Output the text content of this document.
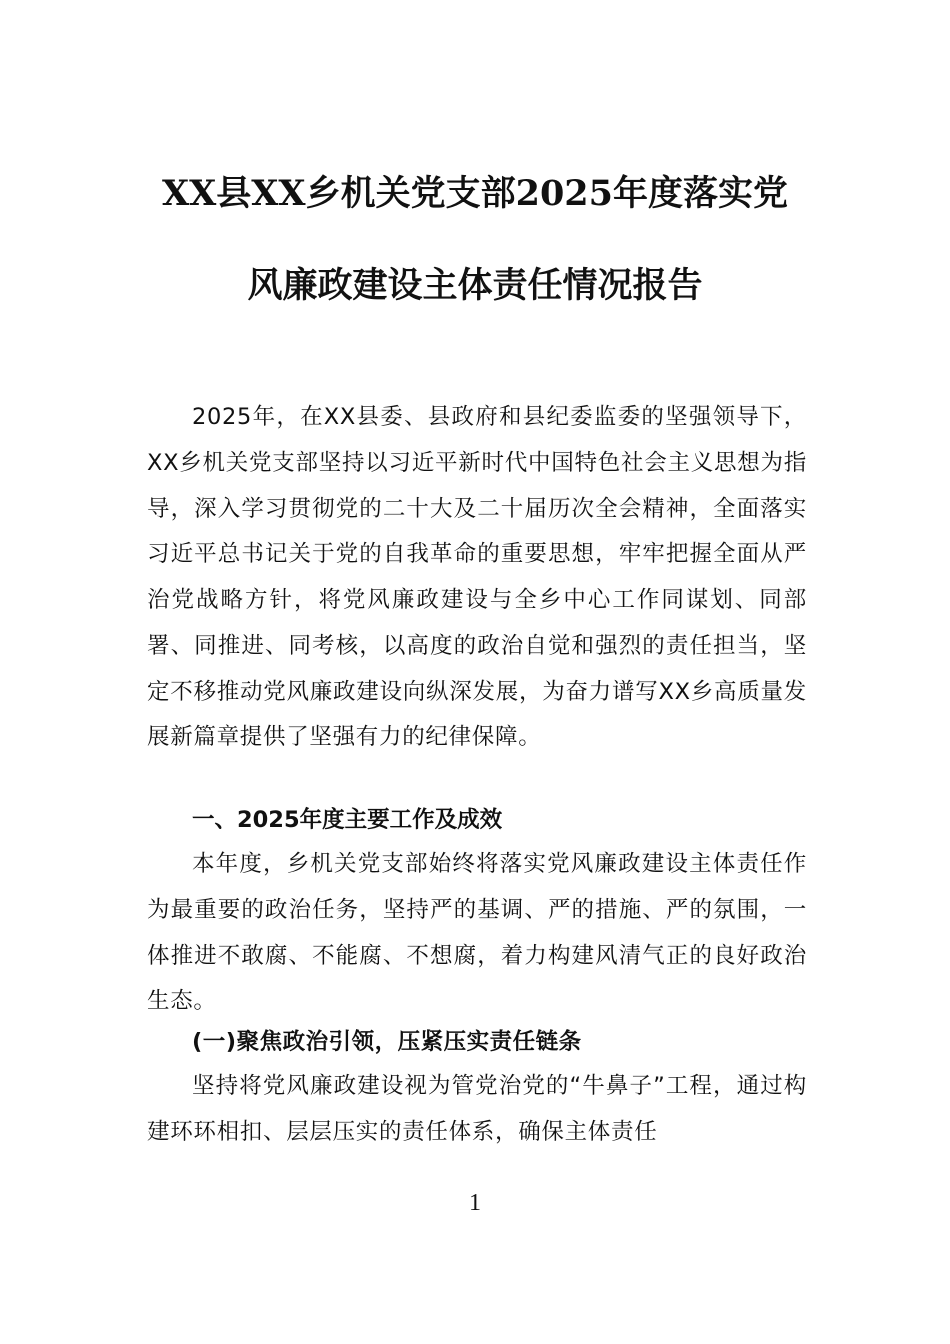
XX县XX乡机关党支部2025年度落实党
风廉政建设主体责任情况报告

2025年，在XX县委、县政府和县纪委监委的坚强领导下，XX乡机关党支部坚持以习近平新时代中国特色社会主义思想为指导，深入学习贯彻党的二十大及二十届历次全会精神，全面落实习近平总书记关于党的自我革命的重要思想，牢牢把握全面从严治党战略方针，将党风廉政建设与全乡中心工作同谋划、同部署、同推进、同考核，以高度的政治自觉和强烈的责任担当，坚定不移推动党风廉政建设向纵深发展，为奋力谱写XX乡高质量发展新篇章提供了坚强有力的纪律保障。

一、2025年度主要工作及成效

本年度，乡机关党支部始终将落实党风廉政建设主体责任作为最重要的政治任务，坚持严的基调、严的措施、严的氛围，一体推进不敢腐、不能腐、不想腐，着力构建风清气正的良好政治生态。

(一)聚焦政治引领，压紧压实责任链条

坚持将党风廉政建设视为管党治党的“牛鼻子”工程，通过构建环环相扣、层层压实的责任体系，确保主体责任

1
